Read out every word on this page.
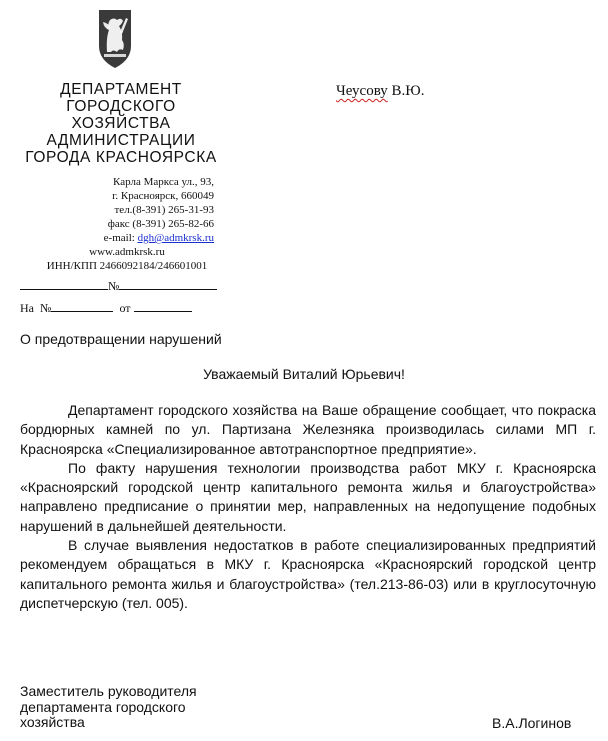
ДЕПАРТАМЕНТ
ГОРОДСКОГО
ХОЗЯЙСТВА
АДМИНИСТРАЦИИ
ГОРОДА КРАСНОЯРСКА
Карла Маркса ул., 93,
г. Красноярск, 660049
тел.(8-391) 265-31-93
факс (8-391) 265-82-66
e-mail: dgh@admkrsk.ru
www.admkrsk.ru
ИНН/КПП 2466092184/246601001
№
На №	от
Чеусову В.Ю.
О предотвращении нарушений
Уважаемый Виталий Юрьевич!

Департамент городского хозяйства на Ваше обращение сообщает, что покраска бордюрных камней по ул. Партизана Железняка производилась силами МП г. Красноярска «Специализированное автотранспортное предприятие».

По факту нарушения технологии производства работ МКУ г. Красноярска «Красноярский городской центр капитального ремонта жилья и благоустройства» направлено предписание о принятии мер, направленных на недопущение подобных нарушений в дальнейшей деятельности.

В случае выявления недостатков в работе специализированных предприятий рекомендуем обращаться в МКУ г. Красноярска «Красноярский городской центр капитального ремонта жилья и благоустройства» (тел.213-86-03) или в круглосуточную диспетчерскую (тел. 005).

Заместитель руководителя
департамента городского
хозяйства	В.А.Логинов
